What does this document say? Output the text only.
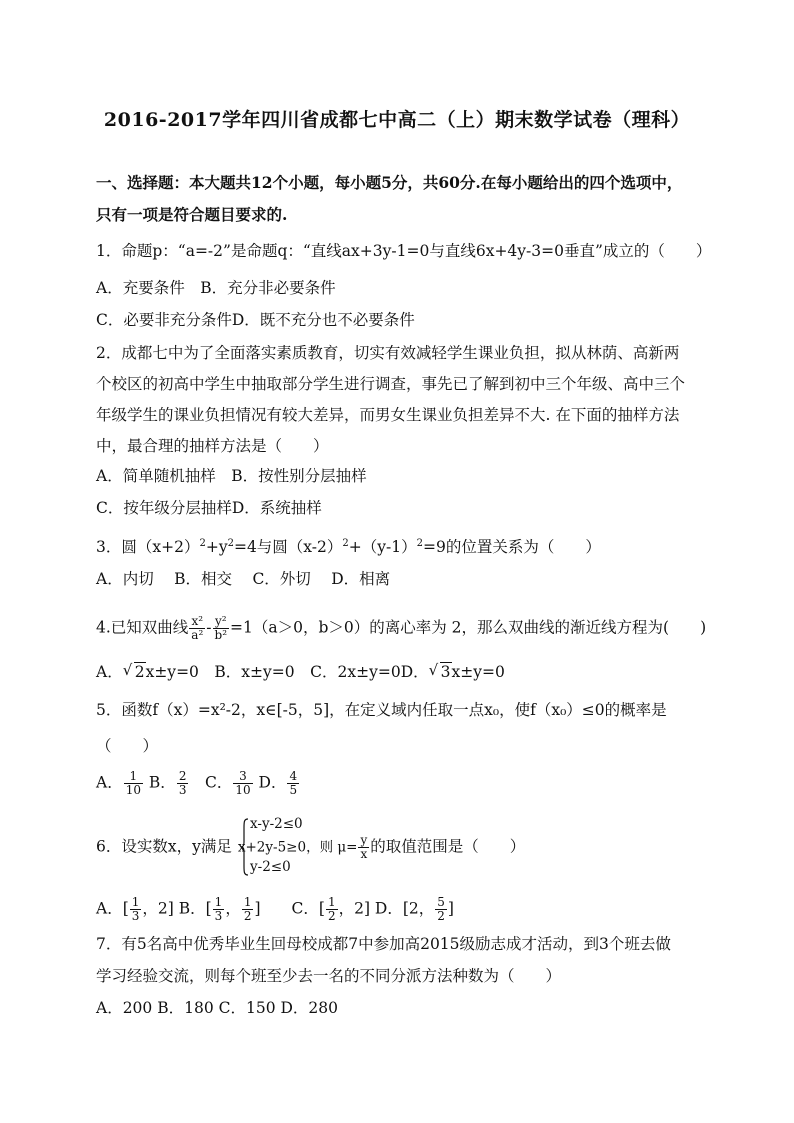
2016-2017学年四川省成都七中高二（上）期末数学试卷（理科）
一、选择题：本大题共12个小题，每小题5分，共60分.在每小题给出的四个选项中，
只有一项是符合题目要求的.
1．命题p：“a=-2”是命题q：“直线ax+3y-1=0与直线6x+4y-3=0垂直”成立的（　　）
A．充要条件　B．充分非必要条件
C．必要非充分条件D．既不充分也不必要条件
2．成都七中为了全面落实素质教育，切实有效减轻学生课业负担，拟从林荫、高新两
个校区的初高中学生中抽取部分学生进行调查，事先已了解到初中三个年级、高中三个
年级学生的课业负担情况有较大差异，而男女生课业负担差异不大. 在下面的抽样方法
中，最合理的抽样方法是（　　）
A．简单随机抽样　B．按性别分层抽样
C．按年级分层抽样D．系统抽样
3．圆$(x+2)^2+y^2=4$与圆$(x-2)^2+(y-1)^2=9$的位置关系为（　　）
A．内切　 B．相交　 C．外切　 D．相离
4.已知双曲线 $\frac{\text{x²}}{\text{a²}} - \frac{\text{y²}}{\text{b²}} =1(a>0$，b＞0）的离心率为 2，那么双曲线的渐近线方程为(　　)
A． √ 2x±y=0　B．x±y=0　C．2x±y=0D． √ 3x±y=0
5．函数f（x）=x²-2，x∈[-5，5]，在定义域内任取一点x₀，使f（x₀）≤0的概率是
（　　）
A． $\frac{1}{10}$ B． $\frac{2}{3}$ 　C． $\frac{3}{10}$ D． $\frac{4}{5}$
x-y-2≤0
6．设实数x，y满足 x+2y-5≥0，则 $\mu= \frac{y}{x}$ 的取值范围是（　　）
y-2≤0
A．[ $\frac{1}{3}$ ，2] B．[ $\frac{1}{3}$ ， $\frac{1}{2}$ ]　　C．[ $\frac{1}{2}$ ，2] D．[2， $\frac{5}{2}$ ]
7．有5名高中优秀毕业生回母校成都7中参加高2015级励志成才活动，到3个班去做
学习经验交流，则每个班至少去一名的不同分派方法种数为（　　）
A．200 B．180 C．150 D．280
